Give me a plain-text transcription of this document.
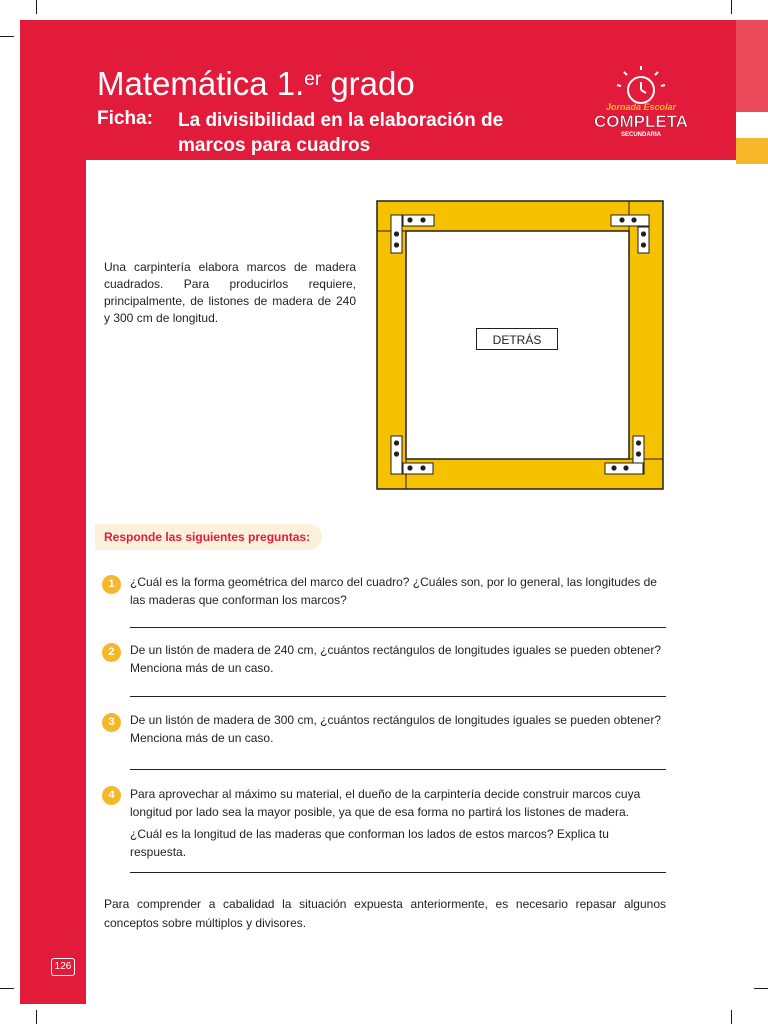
Matemática 1.$^{er}$ grado
Ficha: La divisibilidad en la elaboración de marcos para cuadros
Jornada Escolar
COMPLETA
SECUNDARIA

Una carpintería elabora marcos de madera cuadrados. Para producirlos requiere, principalmente, de listones de madera de 240 y 300 cm de longitud.

DETRÁS
Responde las siguientes preguntas:
1	¿Cuál es la forma geométrica del marco del cuadro? ¿Cuáles son, por lo general, las longitudes de las maderas que conforman los marcos?

2	De un listón de madera de 240 cm, ¿cuántos rectángulos de longitudes iguales se pueden obtener? Menciona más de un caso.

3	De un listón de madera de 300 cm, ¿cuántos rectángulos de longitudes iguales se pueden obtener? Menciona más de un caso.

4	Para aprovechar al máximo su material, el dueño de la carpintería decide construir marcos cuya longitud por lado sea la mayor posible, ya que de esa forma no partirá los listones de madera.

¿Cuál es la longitud de las maderas que conforman los lados de estos marcos? Explica tu respuesta.

Para comprender a cabalidad la situación expuesta anteriormente, es necesario repasar algunos conceptos sobre múltiplos y divisores.

126
